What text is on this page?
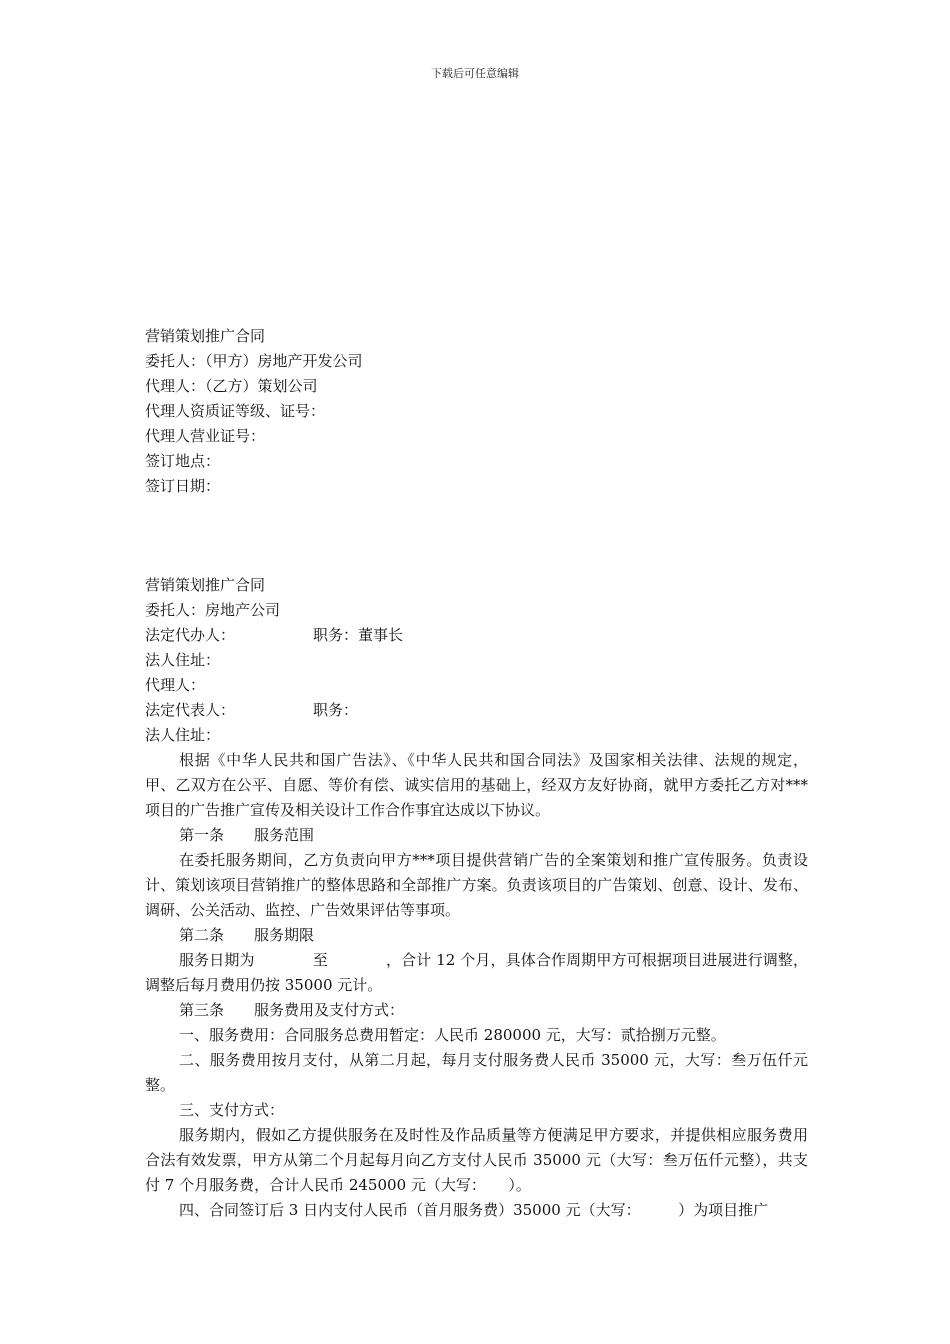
下载后可任意编辑
营销策划推广合同
委托人：（甲方）房地产开发公司
代理人：（乙方）策划公司
代理人资质证等级、证号：
代理人营业证号：
签订地点：
签订日期：
营销策划推广合同
委托人：房地产公司
法定代办人：	职务：董事长
法人住址：
代理人：
法定代表人：	职务：
法人住址：
根据《中华人民共和国广告法》、《中华人民共和国合同法》及国家相关法律、法规的规定，甲、乙双方在公平、自愿、等价有偿、诚实信用的基础上，经双方友好协商，就甲方委托乙方对***项目的广告推广宣传及相关设计工作合作事宜达成以下协议。
第一条　　服务范围
在委托服务期间，乙方负责向甲方***项目提供营销广告的全案策划和推广宣传服务。负责设计、策划该项目营销推广的整体思路和全部推广方案。负责该项目的广告策划、创意、设计、发布、调研、公关活动、监控、广告效果评估等事项。
第二条　　服务期限
服务日期为	至	，合计 12 个月，具体合作周期甲方可根据项目进展进行调整，调整后每月费用仍按 35000 元计。
第三条　　服务费用及支付方式：
一、服务费用：合同服务总费用暂定：人民币 280000 元，大写：贰拾捌万元整。
二、服务费用按月支付，从第二月起，每月支付服务费人民币 35000 元，大写：叁万伍仟元整。
三、支付方式：
服务期内，假如乙方提供服务在及时性及作品质量等方便满足甲方要求，并提供相应服务费用合法有效发票，甲方从第二个月起每月向乙方支付人民币 35000 元（大写：叁万伍仟元整），共支付 7 个月服务费，合计人民币 245000 元（大写：　　）。
四、合同签订后 3 日内支付人民币（首月服务费）35000 元（大写：　　　）为项目推广
